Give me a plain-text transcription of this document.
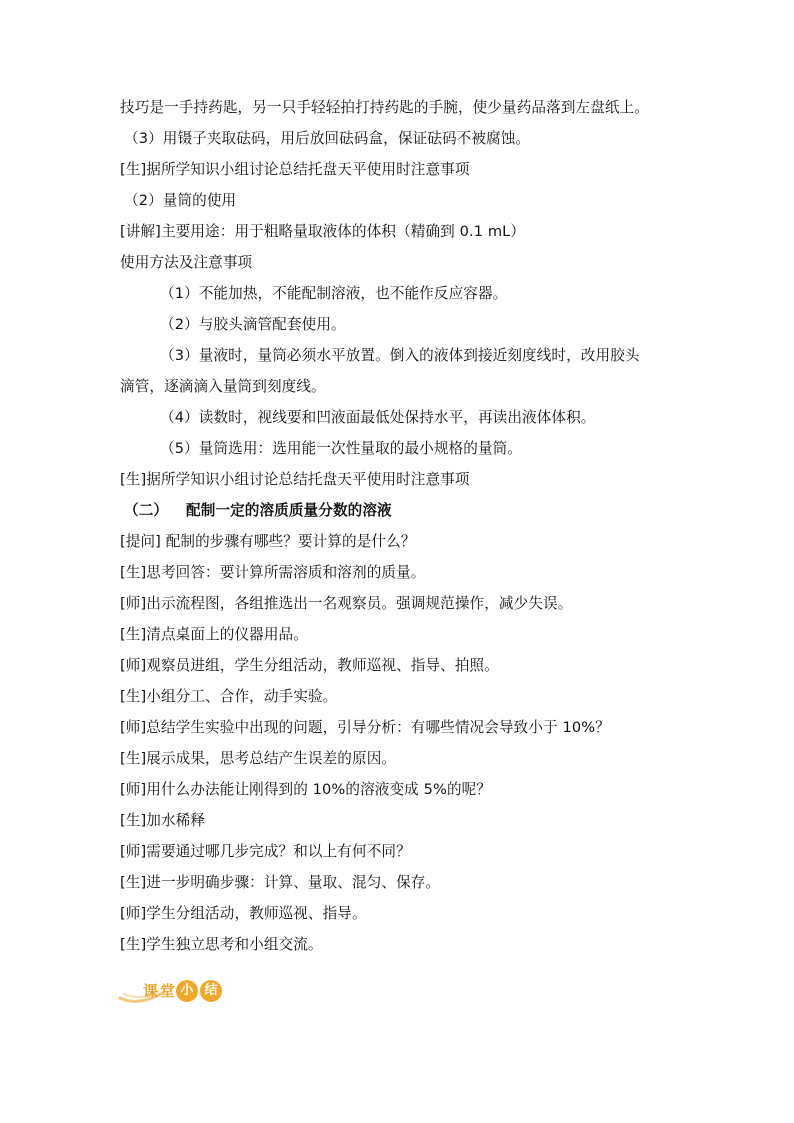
技巧是一手持药匙，另一只手轻轻拍打持药匙的手腕，使少量药品落到左盘纸上。
（3）用镊子夹取砝码，用后放回砝码盒，保证砝码不被腐蚀。
[生]据所学知识小组讨论总结托盘天平使用时注意事项
（2）量筒的使用
[讲解]主要用途：用于粗略量取液体的体积（精确到 0.1 mL）
使用方法及注意事项
（1）不能加热，不能配制溶液，也不能作反应容器。
（2）与胶头滴管配套使用。
（3）量液时，量筒必须水平放置。倒入的液体到接近刻度线时，改用胶头
滴管，逐滴滴入量筒到刻度线。
（4）读数时，视线要和凹液面最低处保持水平，再读出液体体积。
（5）量筒选用：选用能一次性量取的最小规格的量筒。
[生]据所学知识小组讨论总结托盘天平使用时注意事项
（二） 配制一定的溶质质量分数的溶液
[提问] 配制的步骤有哪些？要计算的是什么？
[生]思考回答：要计算所需溶质和溶剂的质量。
[师]出示流程图，各组推选出一名观察员。强调规范操作，减少失误。
[生]清点桌面上的仪器用品。
[师]观察员进组，学生分组活动，教师巡视、指导、拍照。
[生]小组分工、合作，动手实验。
[师]总结学生实验中出现的问题，引导分析：有哪些情况会导致小于 10%？
[生]展示成果，思考总结产生误差的原因。
[师]用什么办法能让刚得到的 10%的溶液变成 5%的呢？
[生]加水稀释
[师]需要通过哪几步完成？和以上有何不同？
[生]进一步明确步骤：计算、量取、混匀、保存。
[师]学生分组活动，教师巡视、指导。
[生]学生独立思考和小组交流。
课 堂 小 结
